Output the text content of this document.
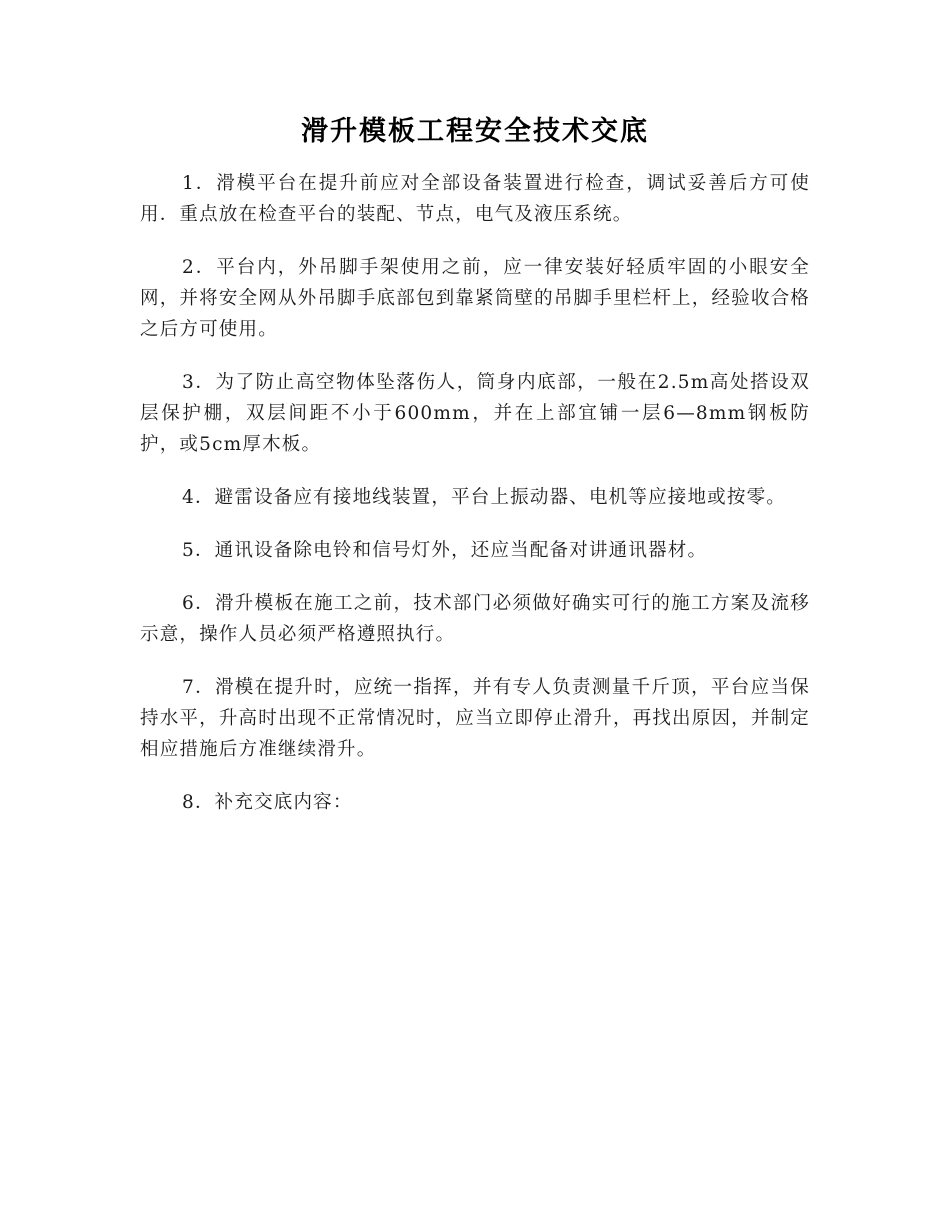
滑升模板工程安全技术交底

1．滑模平台在提升前应对全部设备装置进行检查，调试妥善后方可使用．重点放在检查平台的装配、节点，电气及液压系统。

2．平台内，外吊脚手架使用之前，应一律安装好轻质牢固的小眼安全网，并将安全网从外吊脚手底部包到靠紧筒壁的吊脚手里栏杆上，经验收合格之后方可使用。

3．为了防止高空物体坠落伤人，筒身内底部，一般在2.5m高处搭设双层保护棚，双层间距不小于600mm，并在上部宜铺一层6—8mm钢板防护，或5cm厚木板。

4．避雷设备应有接地线装置，平台上振动器、电机等应接地或按零。

5．通讯设备除电铃和信号灯外，还应当配备对讲通讯器材。

6．滑升模板在施工之前，技术部门必须做好确实可行的施工方案及流移示意，操作人员必须严格遵照执行。

7．滑模在提升时，应统一指挥，并有专人负责测量千斤顶，平台应当保持水平，升高时出现不正常情况时，应当立即停止滑升，再找出原因，并制定相应措施后方准继续滑升。

8．补充交底内容：
